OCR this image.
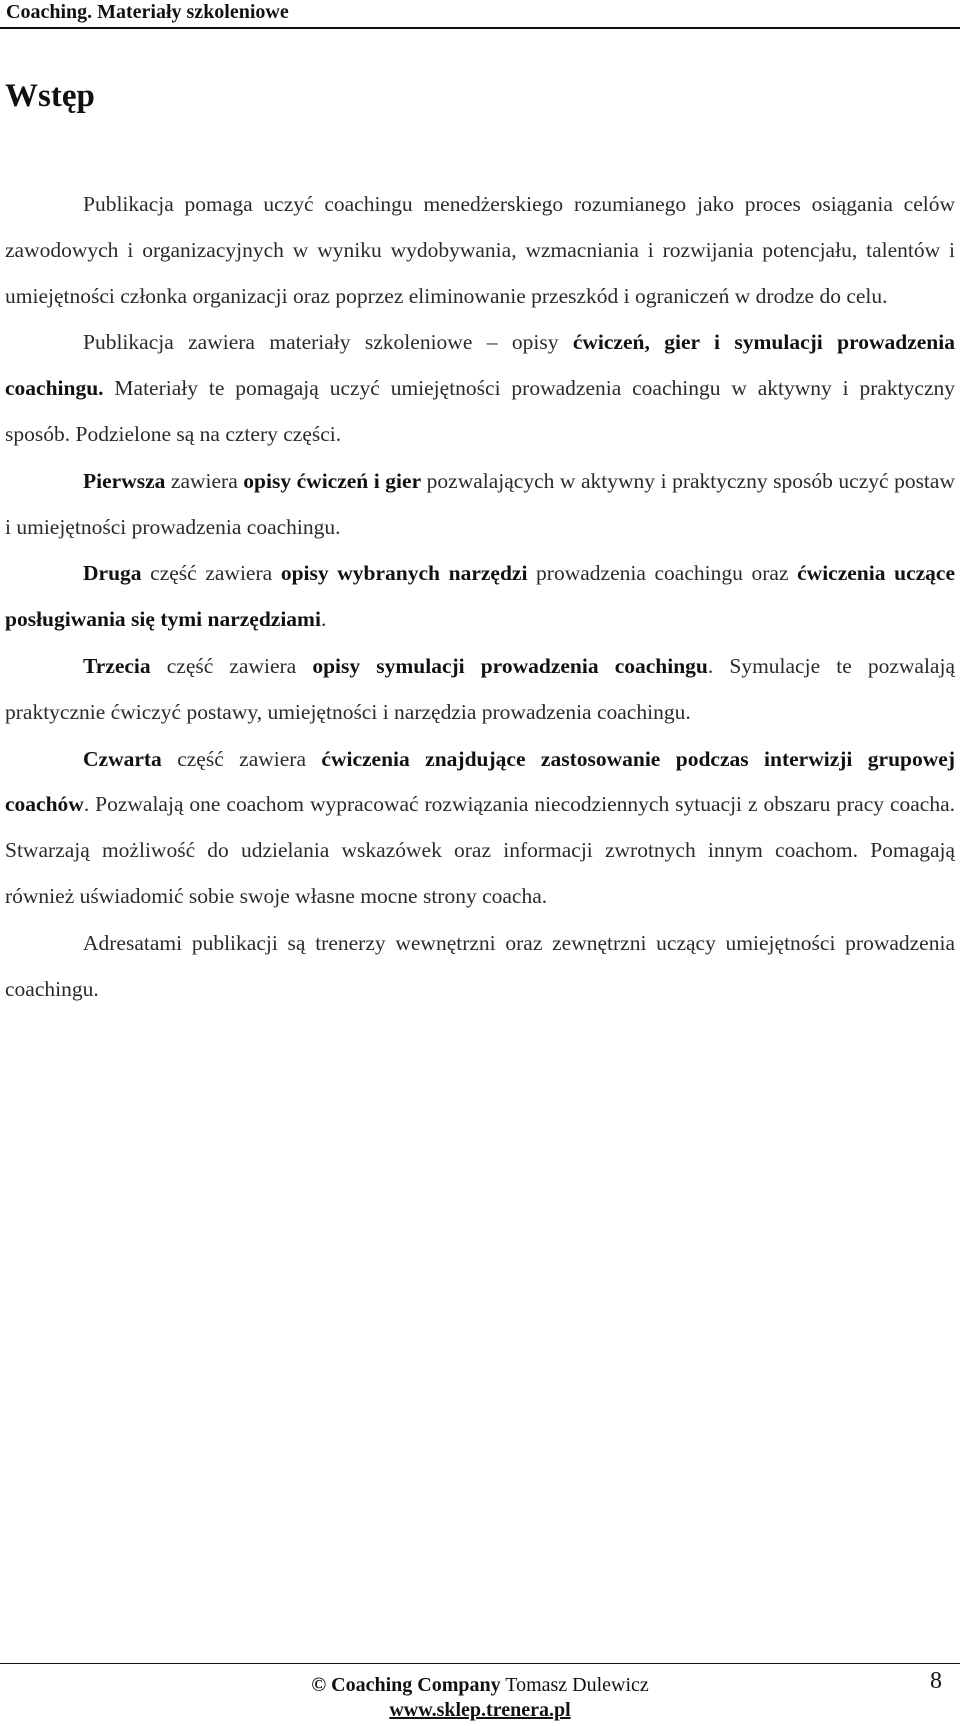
Coaching. Materiały szkoleniowe
Wstęp

Publikacja pomaga uczyć coachingu menedżerskiego rozumianego jako proces osiągania celów zawodowych i organizacyjnych w wyniku wydobywania, wzmacniania i rozwijania potencjału, talentów i umiejętności członka organizacji oraz poprzez eliminowanie przeszkód i ograniczeń w drodze do celu.

Publikacja zawiera materiały szkoleniowe – opisy ćwiczeń, gier i symulacji prowadzenia coachingu. Materiały te pomagają uczyć umiejętności prowadzenia coachingu w aktywny i praktyczny sposób. Podzielone są na cztery części.

Pierwsza zawiera opisy ćwiczeń i gier pozwalających w aktywny i praktyczny sposób uczyć postaw i umiejętności prowadzenia coachingu.

Druga część zawiera opisy wybranych narzędzi prowadzenia coachingu oraz ćwiczenia uczące posługiwania się tymi narzędziami.

Trzecia część zawiera opisy symulacji prowadzenia coachingu. Symulacje te pozwalają praktycznie ćwiczyć postawy, umiejętności i narzędzia prowadzenia coachingu.

Czwarta część zawiera ćwiczenia znajdujące zastosowanie podczas interwizji grupowej coachów. Pozwalają one coachom wypracować rozwiązania niecodziennych sytuacji z obszaru pracy coacha. Stwarzają możliwość do udzielania wskazówek oraz informacji zwrotnych innym coachom. Pomagają również uświadomić sobie swoje własne mocne strony coacha.

Adresatami publikacji są trenerzy wewnętrzni oraz zewnętrzni uczący umiejętności prowadzenia coachingu.

© Coaching Company Tomasz Dulewicz
www.sklep.trenera.pl
8
